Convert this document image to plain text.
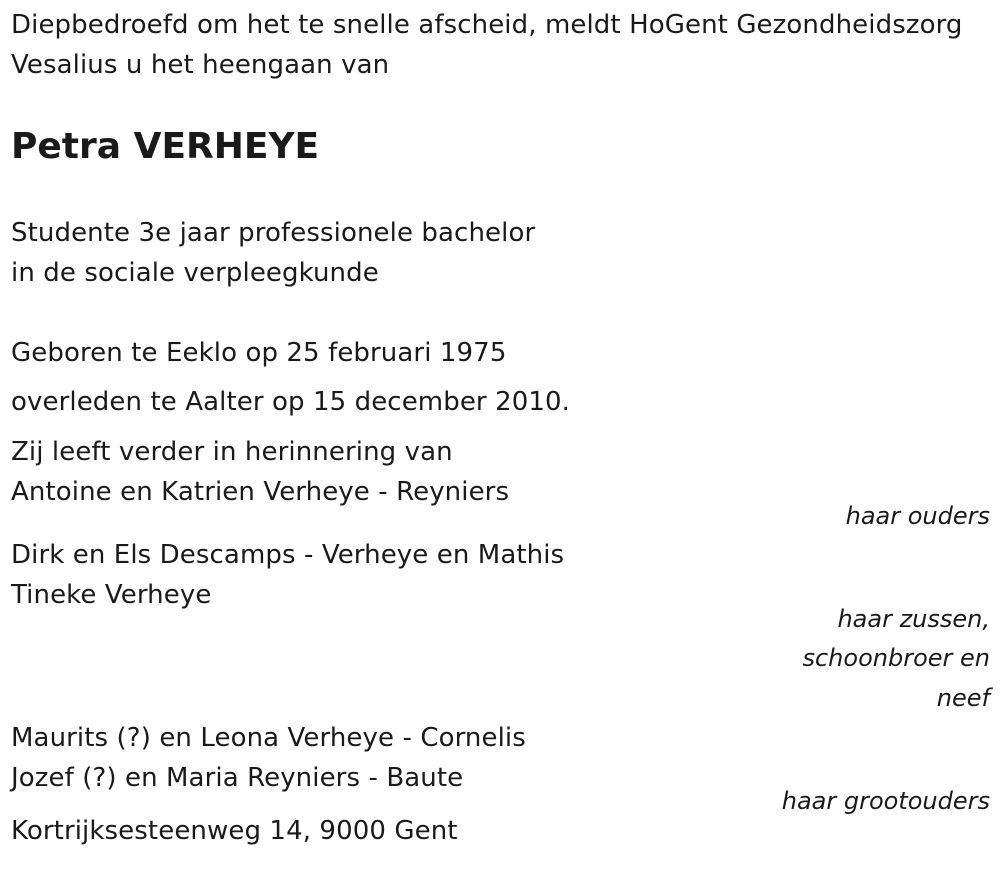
Diepbedroefd om het te snelle afscheid, meldt HoGent Gezondheidszorg
Vesalius u het heengaan van
Petra VERHEYE
Studente 3e jaar professionele bachelor
in de sociale verpleegkunde
Geboren te Eeklo op 25 februari 1975
overleden te Aalter op 15 december 2010.
Zij leeft verder in herinnering van
Antoine en Katrien Verheye - Reyniers
haar ouders
Dirk en Els Descamps - Verheye en Mathis
Tineke Verheye
haar zussen,
schoonbroer en
neef
Maurits (?) en Leona Verheye - Cornelis
Jozef (?) en Maria Reyniers - Baute
haar grootouders
Kortrijksesteenweg 14, 9000 Gent
